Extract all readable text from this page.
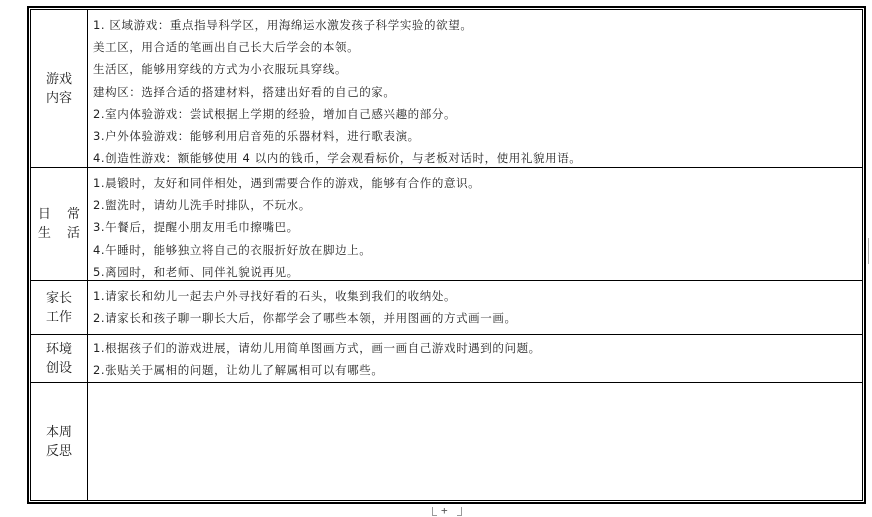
游戏
内容
1. 区域游戏：重点指导科学区，用海绵运水激发孩子科学实验的欲望。
美工区，用合适的笔画出自己长大后学会的本领。
生活区，能够用穿线的方式为小衣服玩具穿线。
建构区：选择合适的搭建材料，搭建出好看的自己的家。
2.室内体验游戏：尝试根据上学期的经验，增加自己感兴趣的部分。
3.户外体验游戏：能够利用启音苑的乐器材料，进行歌表演。
4.创造性游戏：额能够使用 4 以内的钱币，学会观看标价，与老板对话时，使用礼貌用语。
日 常
生 活
1.晨锻时，友好和同伴相处，遇到需要合作的游戏，能够有合作的意识。
2.盥洗时，请幼儿洗手时排队，不玩水。
3.午餐后，提醒小朋友用毛巾擦嘴巴。
4.午睡时，能够独立将自己的衣服折好放在脚边上。
5.离园时，和老师、同伴礼貌说再见。
家长
工作
1.请家长和幼儿一起去户外寻找好看的石头，收集到我们的收纳处。
2.请家长和孩子聊一聊长大后，你都学会了哪些本领，并用图画的方式画一画。
环境
创设
1.根据孩子们的游戏进展，请幼儿用简单图画方式，画一画自己游戏时遇到的问题。
2.张贴关于属相的问题，让幼儿了解属相可以有哪些。
本周
反思
+
